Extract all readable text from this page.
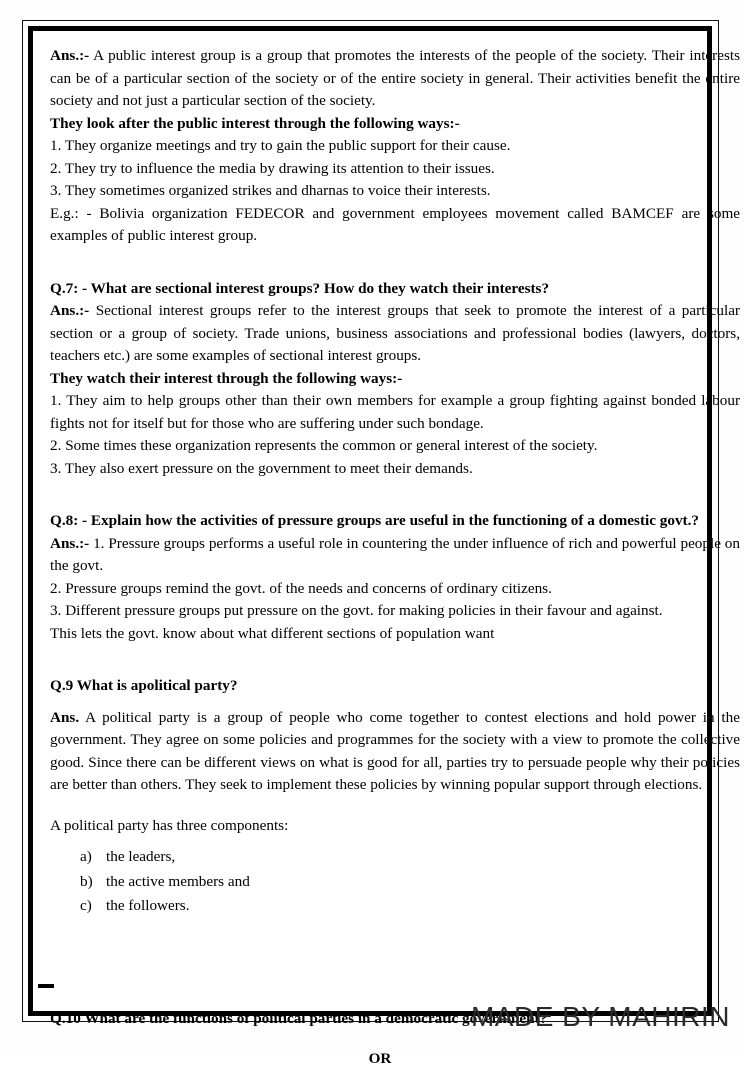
Ans.:- A public interest group is a group that promotes the interests of the people of the society. Their interests can be of a particular section of the society or of the entire society in general. Their activities benefit the entire society and not just a particular section of the society.

They look after the public interest through the following ways:-

1. They organize meetings and try to gain the public support for their cause.

2. They try to influence the media by drawing its attention to their issues.

3. They sometimes organized strikes and dharnas to voice their interests.

E.g.: - Bolivia organization FEDECOR and government employees movement called BAMCEF are some examples of public interest group.

Q.7: - What are sectional interest groups? How do they watch their interests?

Ans.:- Sectional interest groups refer to the interest groups that seek to promote the interest of a particular section or a group of society. Trade unions, business associations and professional bodies (lawyers, doctors, teachers etc.) are some examples of sectional interest groups.

They watch their interest through the following ways:-

1. They aim to help groups other than their own members for example a group fighting against bonded labour fights not for itself but for those who are suffering under such bondage.

2. Some times these organization represents the common or general interest of the society.

3. They also exert pressure on the government to meet their demands.

Q.8: - Explain how the activities of pressure groups are useful in the functioning of a domestic govt.?

Ans.:- 1. Pressure groups performs a useful role in countering the under influence of rich and powerful people on the govt.

2. Pressure groups remind the govt. of the needs and concerns of ordinary citizens.

3. Different pressure groups put pressure on the govt. for making policies in their favour and against.

This lets the govt. know about what different sections of population want

Q.9 What is apolitical party?

Ans. A political party is a group of people who come together to contest elections and hold power in the government. They agree on some policies and programmes for the society with a view to promote the collective good. Since there can be different views on what is good for all, parties try to persuade people why their policies are better than others. They seek to implement these policies by winning popular support through elections.

A political party has three components:

a) the leaders,
b) the active members and
c) the followers.

Q.10 What are the functions of political parties in a democratic government?

OR

MADE BY MAHIRIN
